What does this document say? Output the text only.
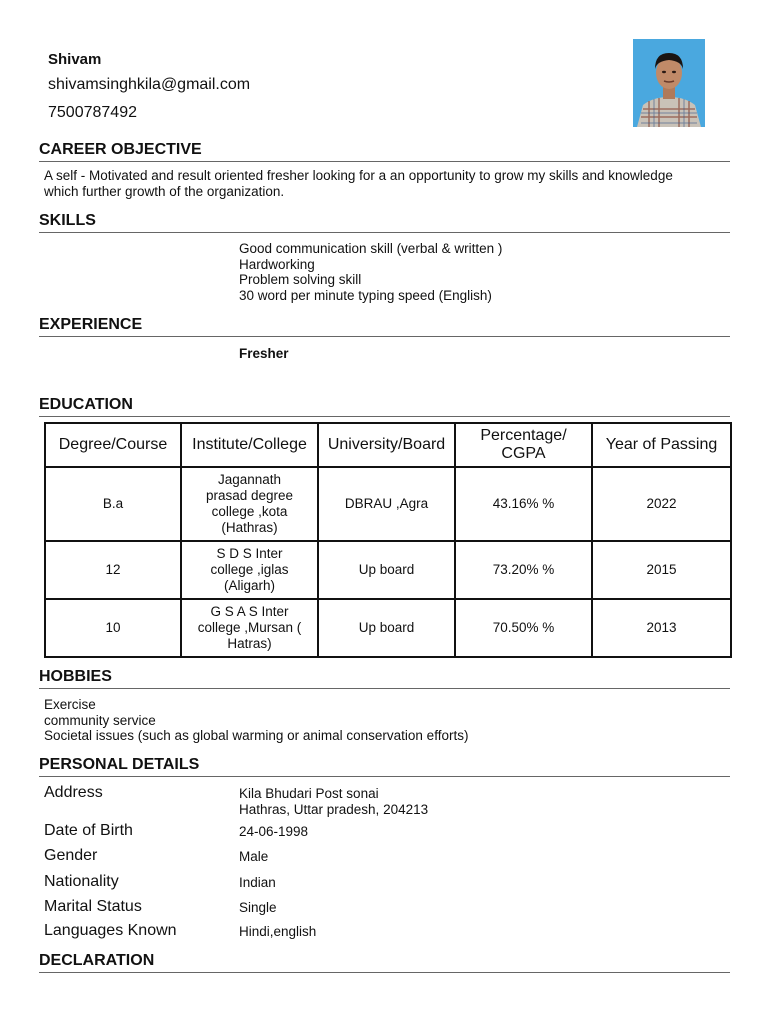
Shivam
shivamsinghkila@gmail.com
7500787492
CAREER OBJECTIVE
A self - Motivated and result oriented fresher looking for a an opportunity to grow my skills and knowledge
which further growth of the organization.
SKILLS
Good communication skill (verbal & written )
Hardworking
Problem solving skill
30 word per minute typing speed (English)
EXPERIENCE
Fresher
EDUCATION
Degree/Course	Institute/College	University/Board	Percentage/ CGPA	Year of Passing
B.a	Jagannath prasad degree college ,kota (Hathras)	DBRAU ,Agra	43.16% %	2022
12	S D S Inter college ,iglas (Aligarh)	Up board	73.20% %	2015
10	G S A S Inter college ,Mursan ( Hatras)	Up board	70.50% %	2013
HOBBIES
Exercise
community service
Societal issues (such as global warming or animal conservation efforts)
PERSONAL DETAILS
Address	Kila Bhudari Post sonai
Hathras, Uttar pradesh, 204213
Date of Birth	24-06-1998
Gender	Male
Nationality	Indian
Marital Status	Single
Languages Known	Hindi,english
DECLARATION
